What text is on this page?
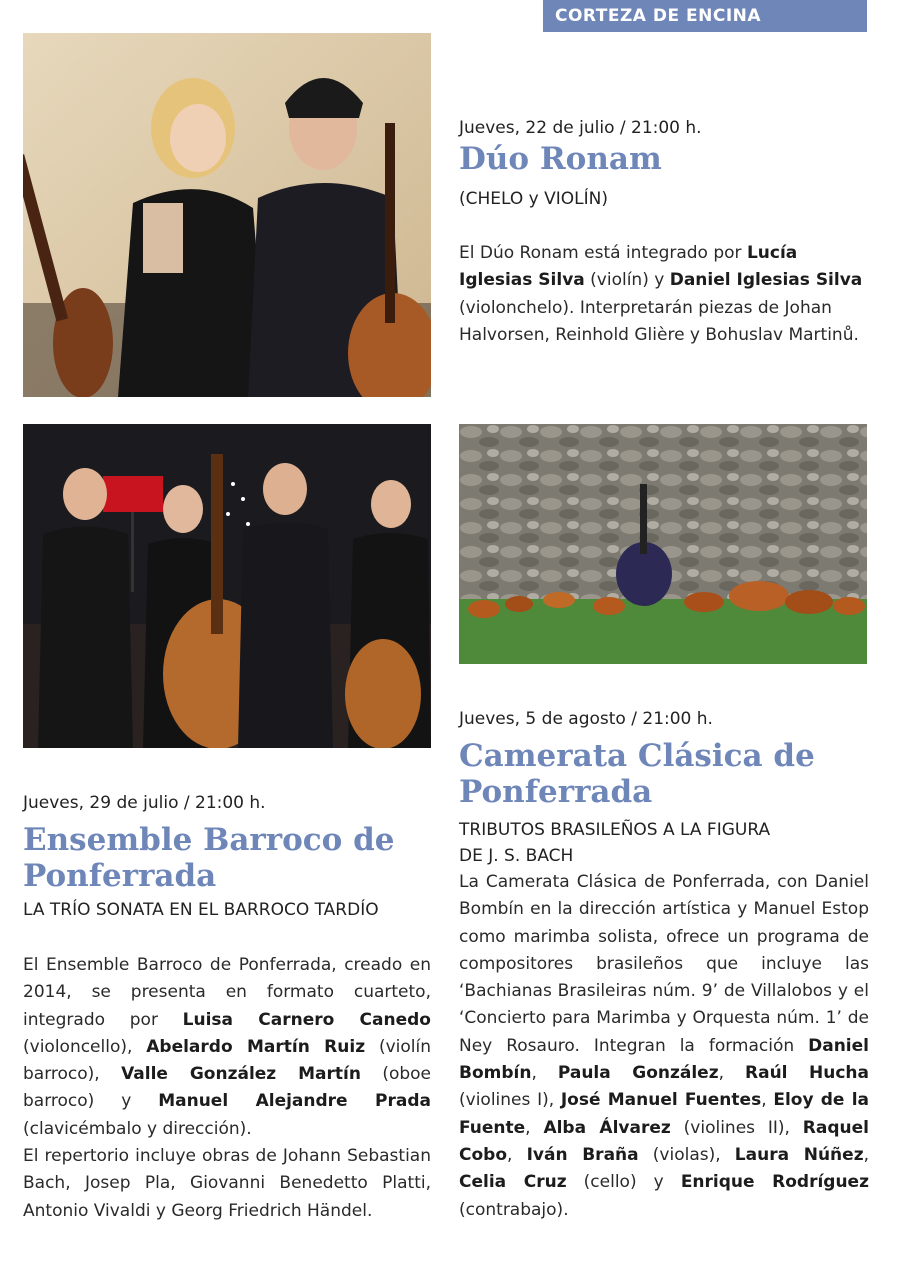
CORTEZA DE ENCINA
Jueves, 22 de julio / 21:00 h.
Dúo Ronam
(CHELO y VIOLÍN)
El Dúo Ronam está integrado por Lucía Iglesias Silva (violín) y Daniel Iglesias Silva (violonchelo). Interpretarán piezas de Johan Halvorsen, Reinhold Glière y Bohuslav Martinů.
Jueves, 29 de julio / 21:00 h.
Ensemble Barroco de
Ponferrada
LA TRÍO SONATA EN EL BARROCO TARDÍO

El Ensemble Barroco de Ponferrada, creado en 2014, se presenta en formato cuarteto, integrado por Luisa Carnero Canedo (violoncello), Abelardo Martín Ruiz (violín barroco), Valle González Martín (oboe barroco) y Manuel Alejandre Prada (clavicémbalo y dirección).

El repertorio incluye obras de Johann Sebastian Bach, Josep Pla, Giovanni Benedetto Platti, Antonio Vivaldi y Georg Friedrich Händel.

Jueves, 5 de agosto / 21:00 h.
Camerata Clásica de
Ponferrada
TRIBUTOS BRASILEÑOS A LA FIGURA
DE J. S. BACH
La Camerata Clásica de Ponferrada, con Daniel Bombín en la dirección artística y Manuel Estop como marimba solista, ofrece un programa de compositores brasileños que incluye las ‘Bachianas Brasileiras núm. 9’ de Villalobos y el ‘Concierto para Marimba y Orquesta núm. 1’ de Ney Rosauro. Integran la formación Daniel Bombín, Paula González, Raúl Hucha (violines I), José Manuel Fuentes, Eloy de la Fuente, Alba Álvarez (violines II), Raquel Cobo, Iván Braña (violas), Laura Núñez, Celia Cruz (cello) y Enrique Rodríguez (contrabajo).
